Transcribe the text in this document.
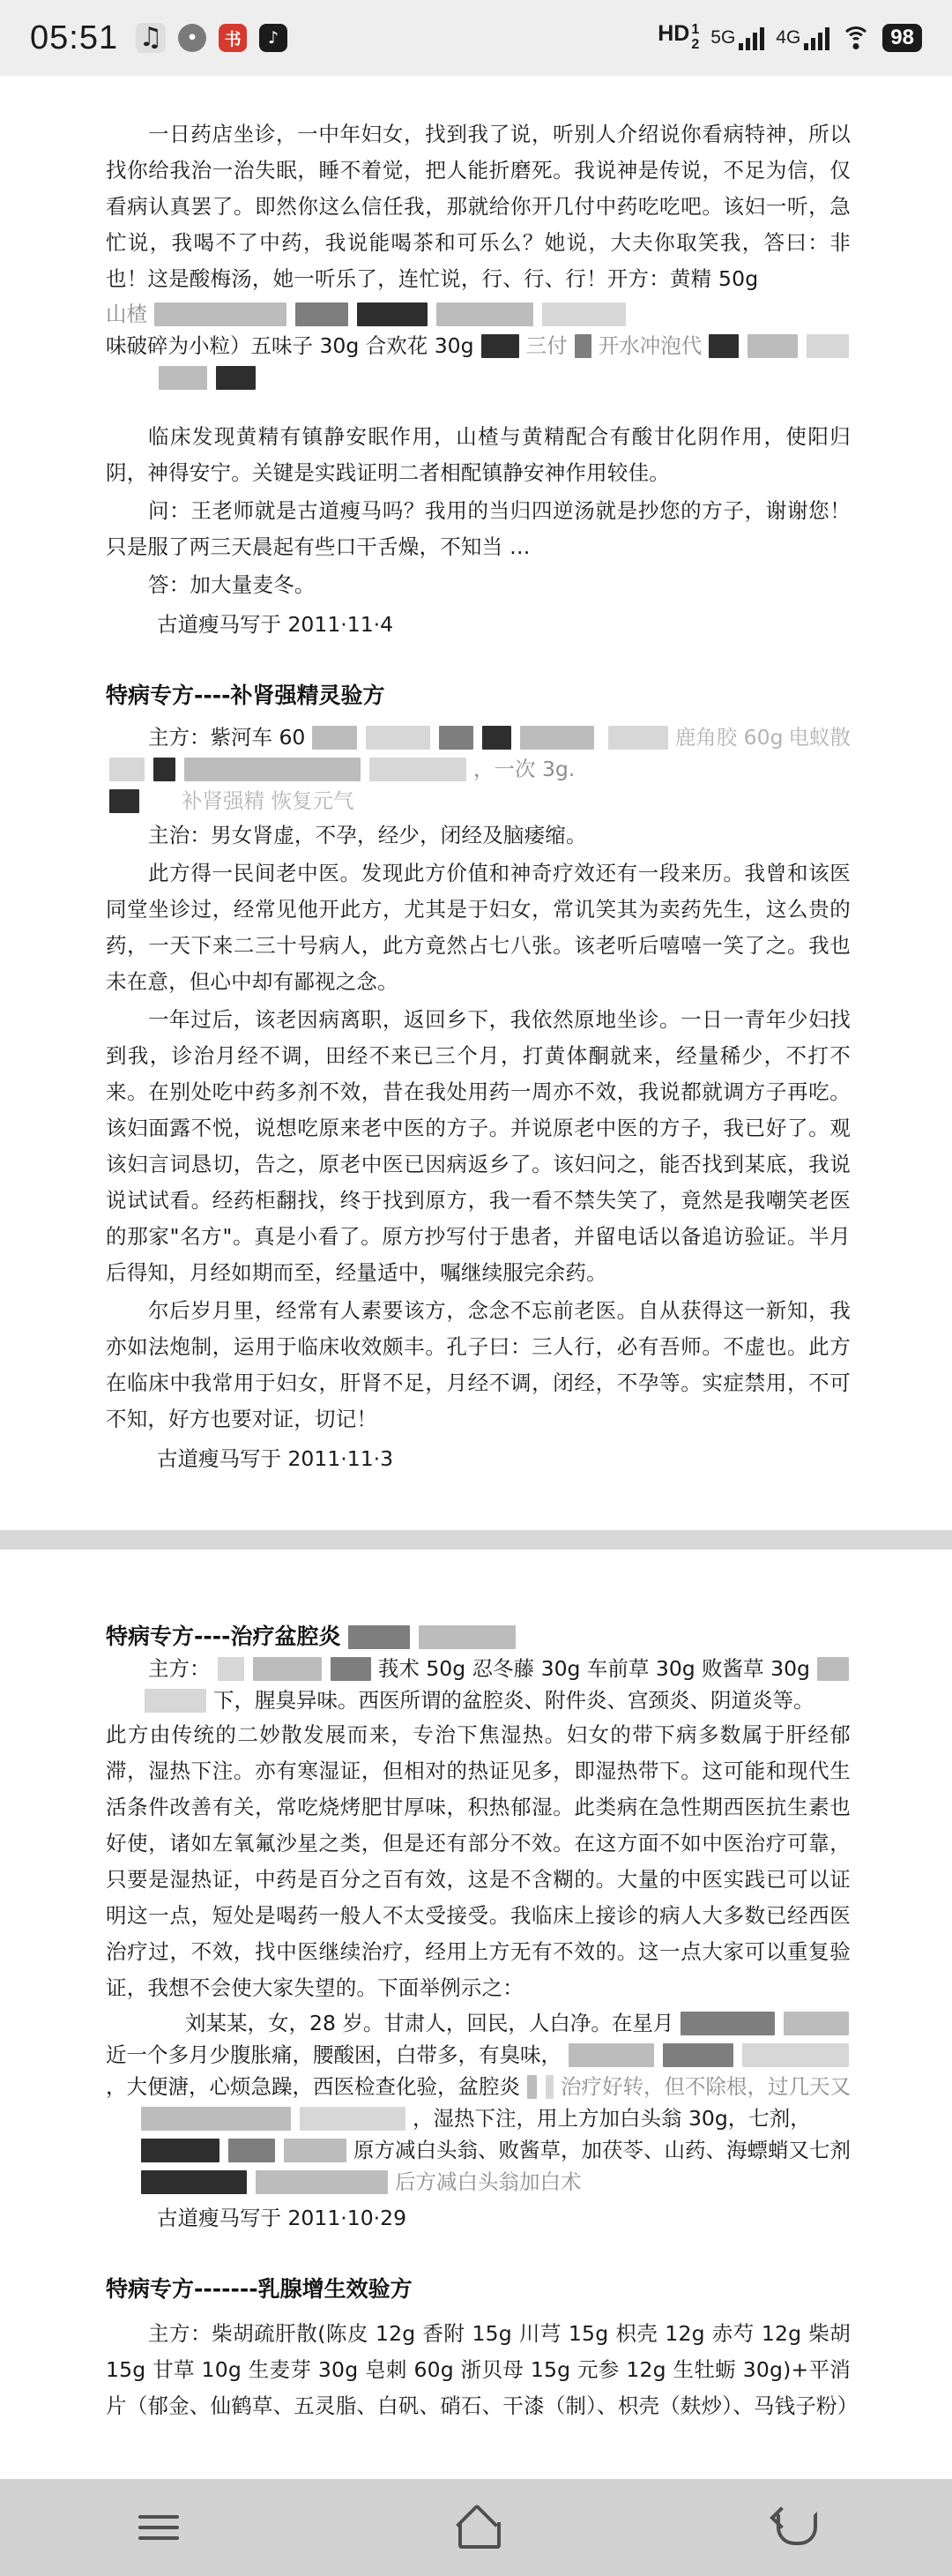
05:51 ♫	•	书	♪	HD 1
2 5G 4G	98

一日药店坐诊，一中年妇女，找到我了说，听别人介绍说你看病特神，所以找你给我治一治失眠，睡不着觉，把人能折磨死。我说神是传说，不足为信，仅看病认真罢了。即然你这么信任我，那就给你开几付中药吃吃吧。该妇一听，急忙说，我喝不了中药，我说能喝茶和可乐么？她说，大夫你取笑我，答曰：非也！这是酸梅汤，她一听乐了，连忙说，行、行、行！开方：黄精 50g

山楂
味破碎为小粒）五味子 30g 合欢花 30g	三付 开水冲泡代

临床发现黄精有镇静安眠作用，山楂与黄精配合有酸甘化阴作用，使阳归阴，神得安宁。关键是实践证明二者相配镇静安神作用较佳。

问：王老师就是古道瘦马吗？我用的当归四逆汤就是抄您的方子，谢谢您！只是服了两三天晨起有些口干舌燥，不知当 …

答：加大量麦冬。

古道瘦马写于 2011·11·4

特病专方----补肾强精灵验方
主方：紫河车 60	鹿角胶 60g 电蚁散
，一次 3g.
补肾强精 恢复元气

主治：男女肾虚，不孕，经少，闭经及脑痿缩。

此方得一民间老中医。发现此方价值和神奇疗效还有一段来历。我曾和该医同堂坐诊过，经常见他开此方，尤其是于妇女，常讥笑其为卖药先生，这么贵的药，一天下来二三十号病人，此方竟然占七八张。该老听后嘻嘻一笑了之。我也未在意，但心中却有鄙视之念。

一年过后，该老因病离职，返回乡下，我依然原地坐诊。一日一青年少妇找到我，诊治月经不调，田经不来已三个月，打黄体酮就来，经量稀少，不打不来。在别处吃中药多剂不效，昔在我处用药一周亦不效，我说都就调方子再吃。该妇面露不悦，说想吃原来老中医的方子。并说原老中医的方子，我已好了。观该妇言词恳切，告之，原老中医已因病返乡了。该妇问之，能否找到某底，我说说试试看。经药柜翻找，终于找到原方，我一看不禁失笑了，竟然是我嘲笑老医的那家"名方"。真是小看了。原方抄写付于患者，并留电话以备追访验证。半月后得知，月经如期而至，经量适中，嘱继续服完余药。

尔后岁月里，经常有人素要该方，念念不忘前老医。自从获得这一新知，我亦如法炮制，运用于临床收效颇丰。孔子曰：三人行，必有吾师。不虚也。此方在临床中我常用于妇女，肝肾不足，月经不调，闭经，不孕等。实症禁用，不可不知，好方也要对证，切记！

古道瘦马写于 2011·11·3

特病专方----治疗盆腔炎
主方：	莪术 50g 忍冬藤 30g 车前草 30g 败酱草 30g
下，腥臭异味。西医所谓的盆腔炎、附件炎、宫颈炎、阴道炎等。

此方由传统的二妙散发展而来，专治下焦湿热。妇女的带下病多数属于肝经郁滞，湿热下注。亦有寒湿证，但相对的热证见多，即湿热带下。这可能和现代生活条件改善有关，常吃烧烤肥甘厚味，积热郁湿。此类病在急性期西医抗生素也好使，诸如左氧氟沙星之类，但是还有部分不效。在这方面不如中医治疗可靠，只要是湿热证，中药是百分之百有效，这是不含糊的。大量的中医实践已可以证明这一点，短处是喝药一般人不太受接受。我临床上接诊的病人大多数已经西医治疗过，不效，找中医继续治疗，经用上方无有不效的。这一点大家可以重复验证，我想不会使大家失望的。下面举例示之：

刘某某，女，28 岁。甘肃人，回民，人白净。在星月
近一个多月少腹胀痛，腰酸困，白带多，有臭味，
，大便溏，心烦急躁，西医检查化验，盆腔炎 治疗好转，但不除根，过几天又
，湿热下注，用上方加白头翁 30g，七剂，
原方减白头翁、败酱草，加茯苓、山药、海螵蛸又七剂
后方减白头翁加白术

古道瘦马写于 2011·10·29

特病专方-------乳腺增生效验方

主方：柴胡疏肝散(陈皮 12g 香附 15g 川芎 15g 枳壳 12g 赤芍 12g 柴胡 15g 甘草 10g 生麦芽 30g 皂刺 60g 浙贝母 15g 元参 12g 生牡蛎 30g)+平消片（郁金、仙鹤草、五灵脂、白矾、硝石、干漆（制）、枳壳（麸炒）、马钱子粉）
